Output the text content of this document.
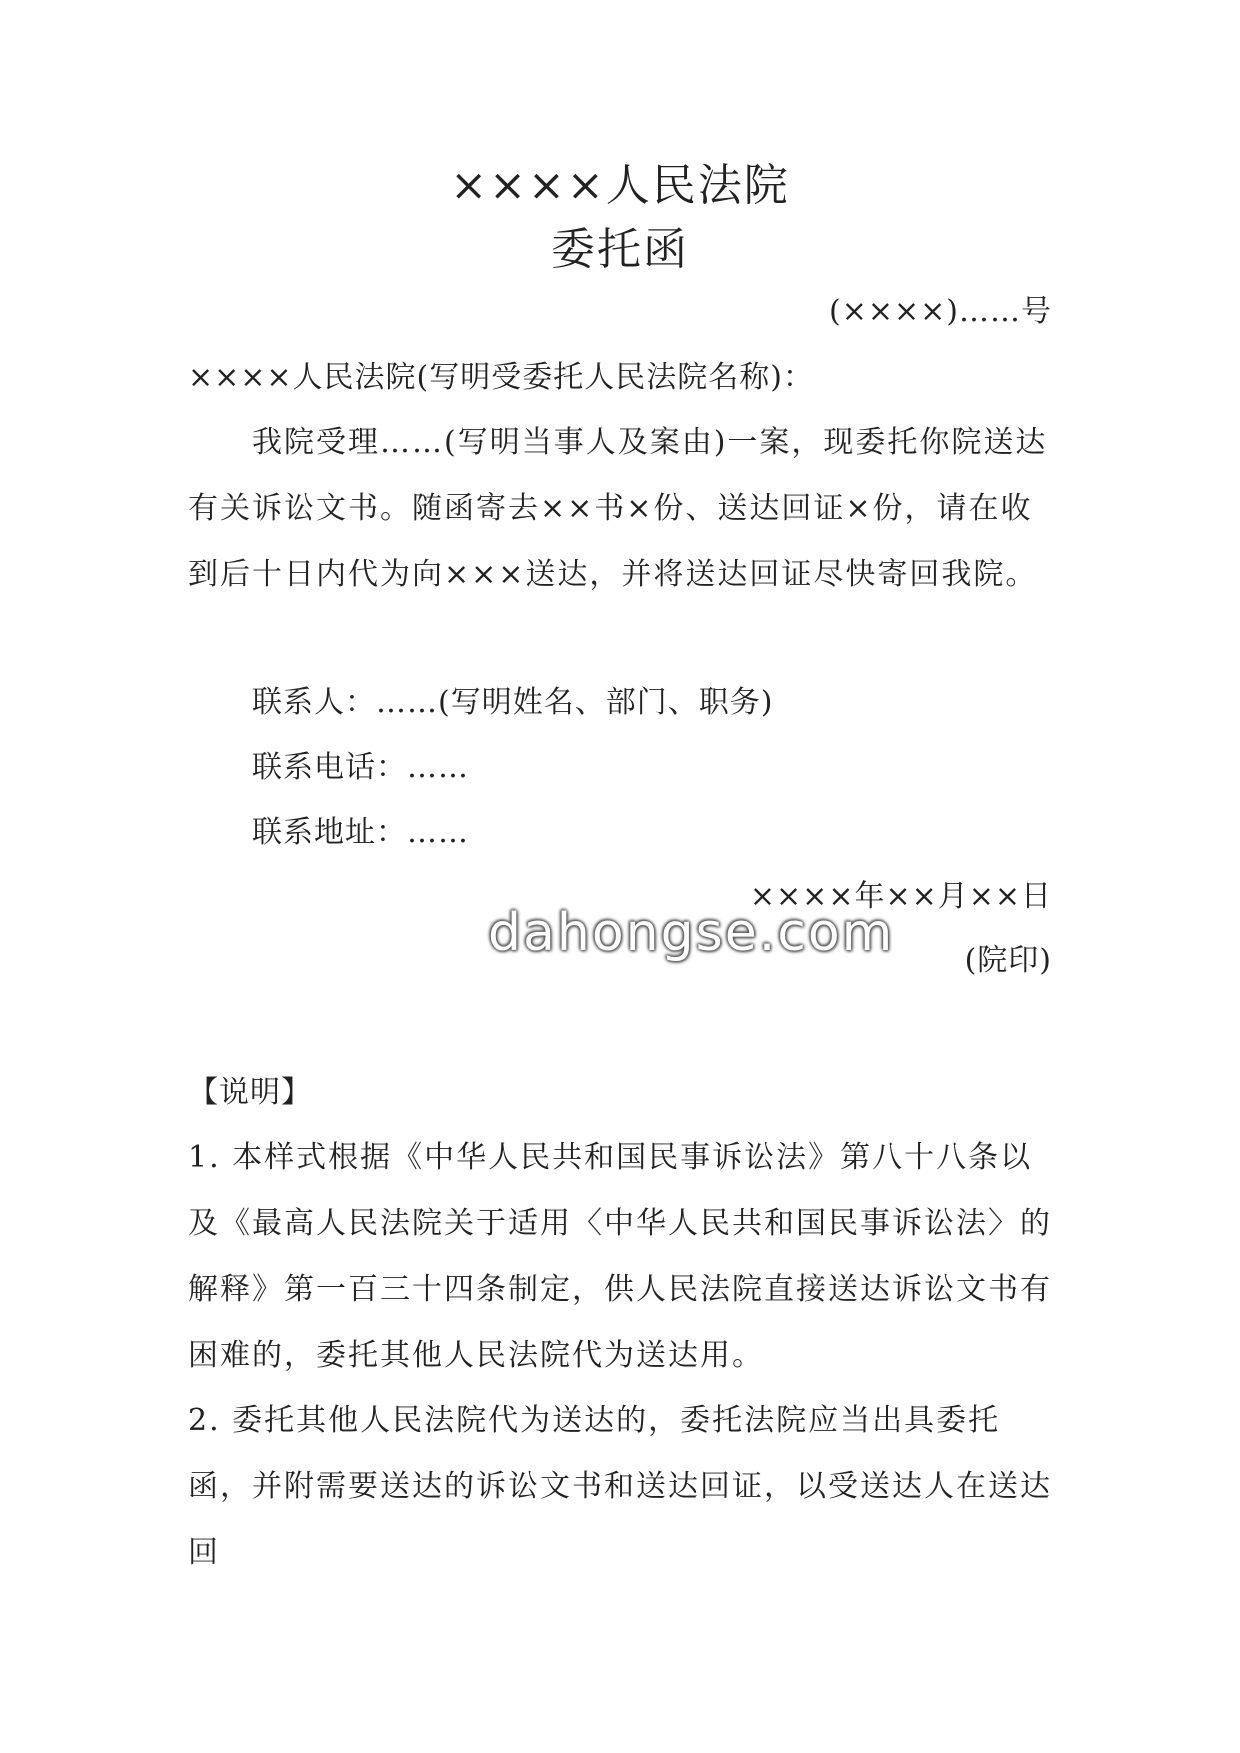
××××人民法院
委托函
(××××)……号
××××人民法院(写明受委托人民法院名称)：
我院受理……(写明当事人及案由)一案，现委托你院送达有关诉讼文书。随函寄去××书×份、送达回证×份，请在收到后十日内代为向×××送达，并将送达回证尽快寄回我院。
联系人：……(写明姓名、部门、职务)
联系电话：……
联系地址：……
××××年××月××日
(院印)
dahongse.com
【说明】
1. 本样式根据《中华人民共和国民事诉讼法》第八十八条以及《最高人民法院关于适用〈中华人民共和国民事诉讼法〉的解释》第一百三十四条制定，供人民法院直接送达诉讼文书有困难的，委托其他人民法院代为送达用。
2. 委托其他人民法院代为送达的，委托法院应当出具委托函，并附需要送达的诉讼文书和送达回证，以受送达人在送达回
